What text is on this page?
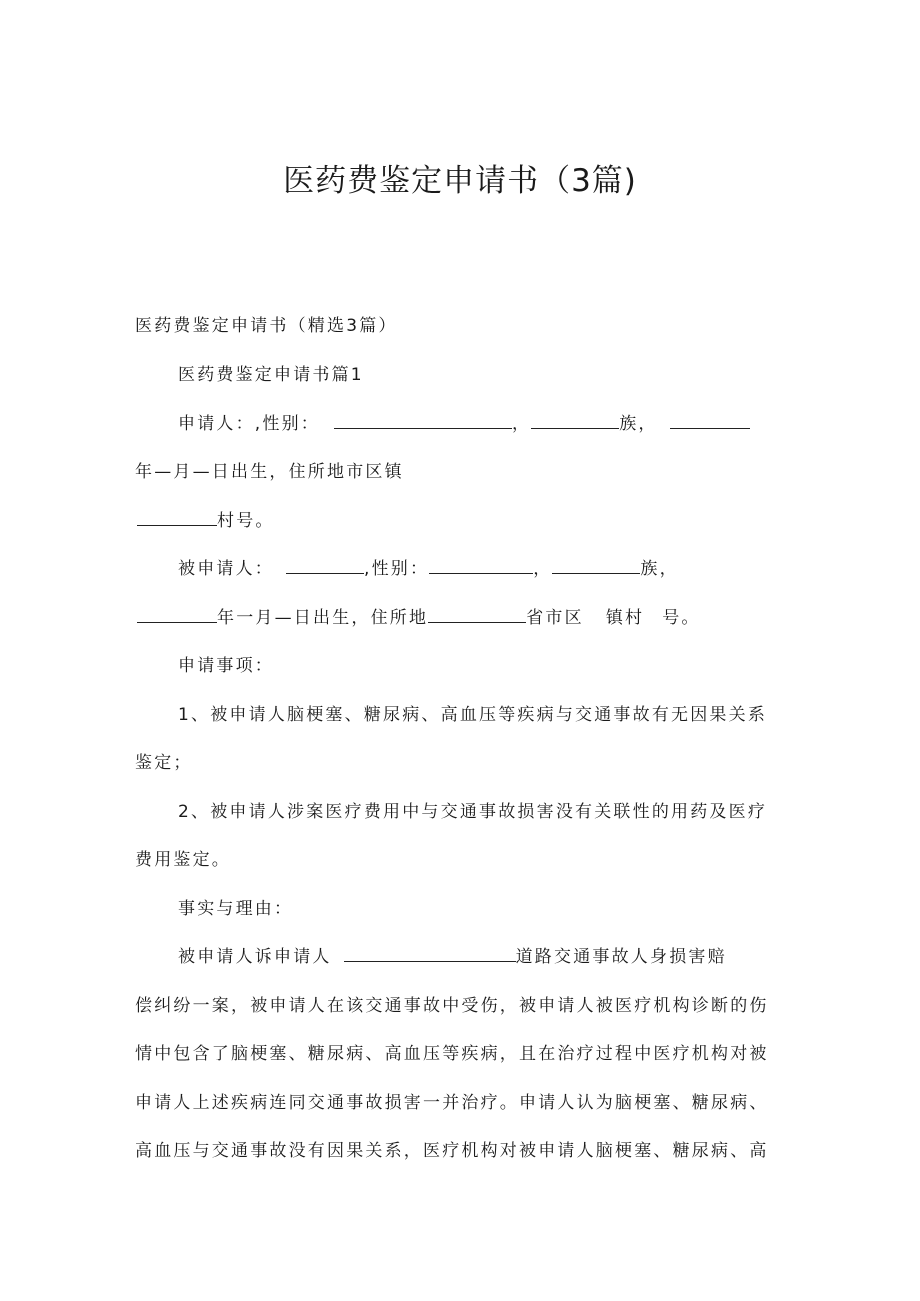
医药费鉴定申请书（3篇)
医药费鉴定申请书（精选3篇）
医药费鉴定申请书篇1
申请人：,性别：	，	族，
年—月—日出生，住所地市区镇
村号。
被申请人：	,性别：	，	族，
年一月—日出生，住所地	省市区 镇村 号。
申请事项：
1、被申请人脑梗塞、糖尿病、高血压等疾病与交通事故有无因果关系
鉴定；
2、被申请人涉案医疗费用中与交通事故损害没有关联性的用药及医疗
费用鉴定。
事实与理由：
被申请人诉申请人	道路交通事故人身损害赔
偿纠纷一案，被申请人在该交通事故中受伤，被申请人被医疗机构诊断的伤
情中包含了脑梗塞、糖尿病、高血压等疾病，且在治疗过程中医疗机构对被
申请人上述疾病连同交通事故损害一并治疗。申请人认为脑梗塞、糖尿病、
高血压与交通事故没有因果关系，医疗机构对被申请人脑梗塞、糖尿病、高
